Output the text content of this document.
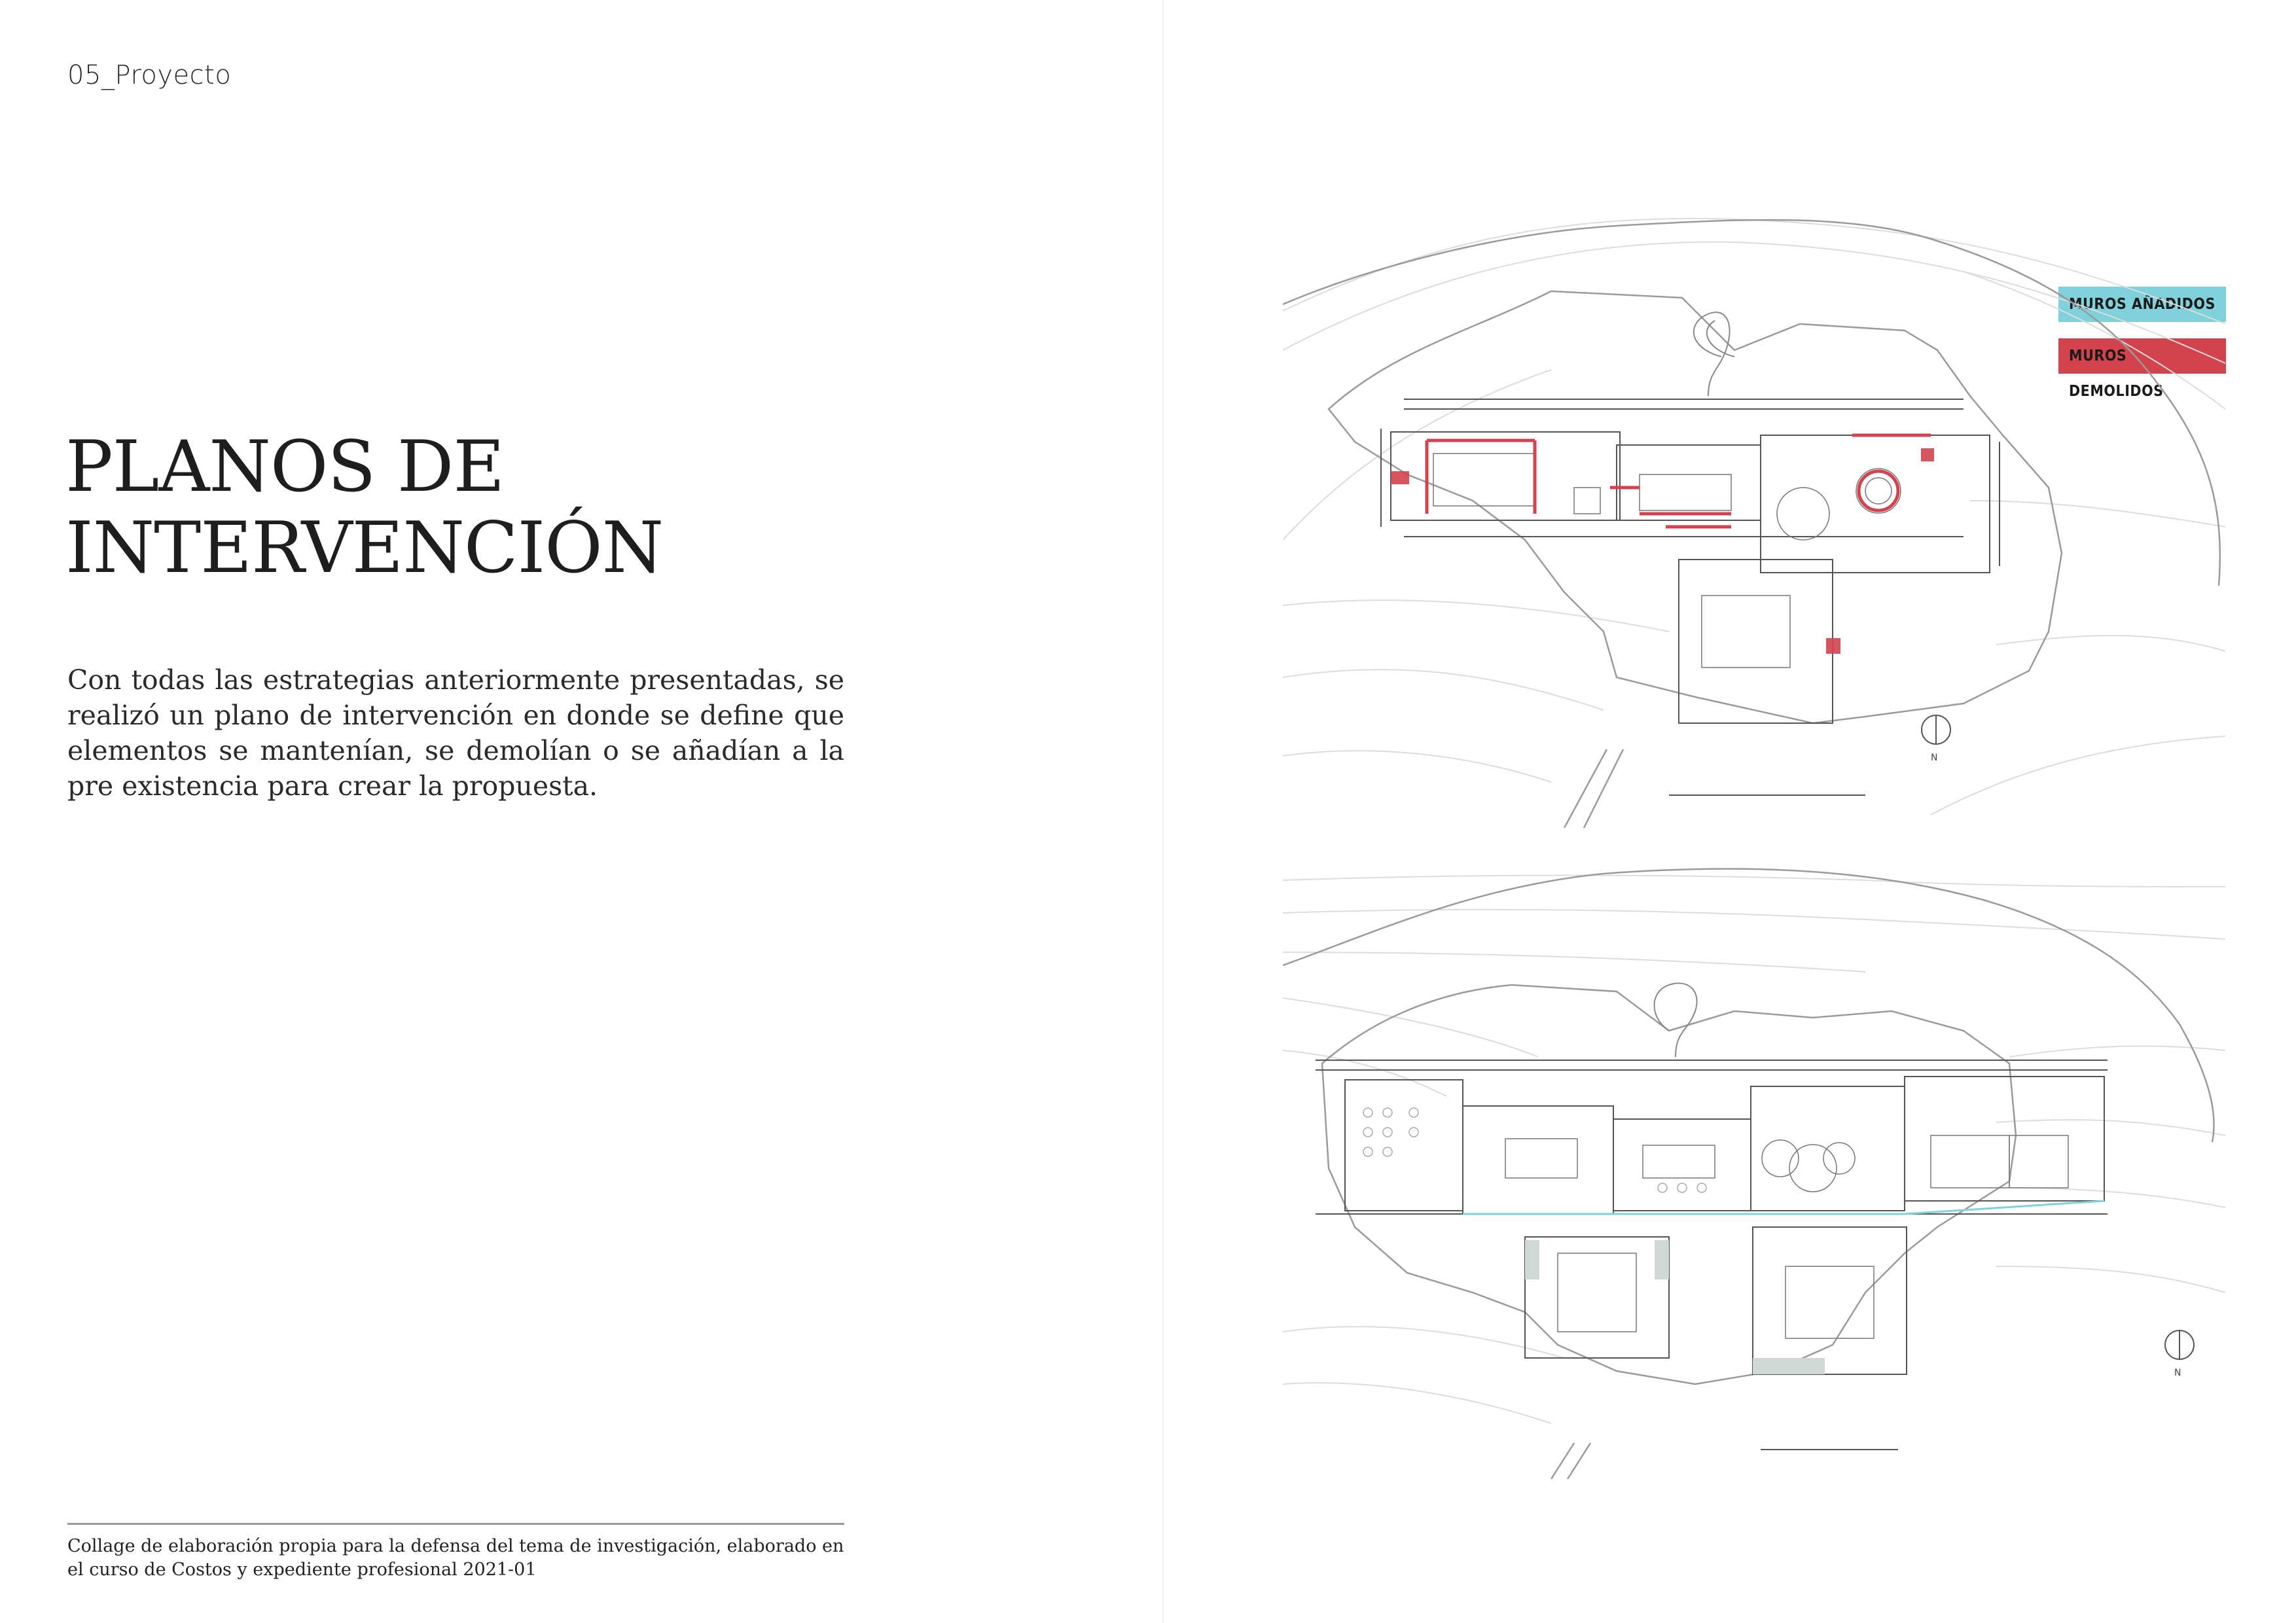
05_Proyecto
PLANOS DE
INTERVENCIÓN
Con todas las estrategias anteriormente presentadas, se realizó un plano de intervención en donde se define que elementos se mantenían, se demolían o se añadían a la pre existencia para crear la propuesta.
Collage de elaboración propia para la defensa del tema de investigación, elaborado en el curso de Costos y expediente profesional 2021-01
MUROS AÑADIDOS
MUROS DEMOLIDOS
N
N
